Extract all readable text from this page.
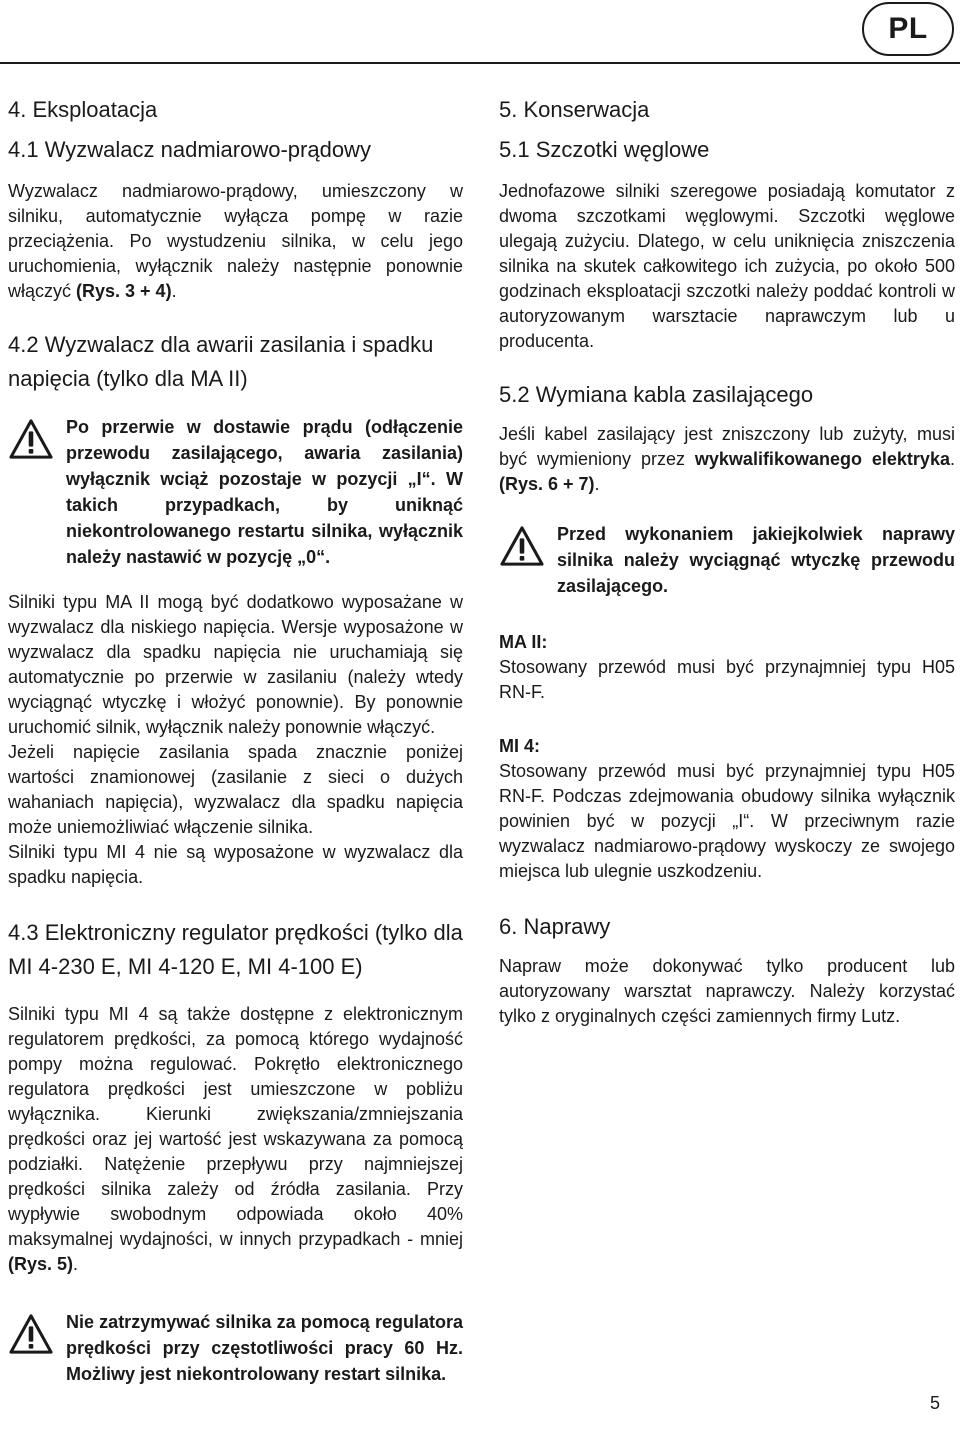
PL
4. Eksploatacja
4.1 Wyzwalacz nadmiarowo-prądowy

Wyzwalacz nadmiarowo-prądowy, umieszczony w silniku, automatycznie wyłącza pompę w razie przeciążenia. Po wystudzeniu silnika, w celu jego uruchomienia, wyłącznik należy następnie ponownie włączyć (Rys. 3 + 4).

4.2 Wyzwalacz dla awarii zasilania i spadku napięcia (tylko dla MA II)
Po przerwie w dostawie prądu (odłączenie przewodu zasilającego, awaria zasilania) wyłącznik wciąż pozostaje w pozycji „I“. W takich przypadkach, by uniknąć niekontrolowanego restartu silnika, wyłącznik należy nastawić w pozycję „0“.

Silniki typu MA II mogą być dodatkowo wyposażane w wyzwalacz dla niskiego napięcia. Wersje wyposażone w wyzwalacz dla spadku napięcia nie uruchamiają się automatycznie po przerwie w zasilaniu (należy wtedy wyciągnąć wtyczkę i włożyć ponownie). By ponownie uruchomić silnik, wyłącznik należy ponownie włączyć.

Jeżeli napięcie zasilania spada znacznie poniżej wartości znamionowej (zasilanie z sieci o dużych wahaniach napięcia), wyzwalacz dla spadku napięcia może uniemożliwiać włączenie silnika.

Silniki typu MI 4 nie są wyposażone w wyzwalacz dla spadku napięcia.

4.3 Elektroniczny regulator prędkości (tylko dla MI 4-230 E, MI 4-120 E, MI 4-100 E)

Silniki typu MI 4 są także dostępne z elektronicznym regulatorem prędkości, za pomocą którego wydajność pompy można regulować. Pokrętło elektronicznego regulatora prędkości jest umieszczone w pobliżu wyłącznika. Kierunki zwiększania/zmniejszania prędkości oraz jej wartość jest wskazywana za pomocą podziałki. Natężenie przepływu przy najmniejszej prędkości silnika zależy od źródła zasilania. Przy wypływie swobodnym odpowiada około 40% maksymalnej wydajności, w innych przypadkach - mniej (Rys. 5).

Nie zatrzymywać silnika za pomocą regulatora prędkości przy częstotliwości pracy 60 Hz. Możliwy jest niekontrolowany restart silnika.
5. Konserwacja
5.1 Szczotki węglowe

Jednofazowe silniki szeregowe posiadają komutator z dwoma szczotkami węglowymi. Szczotki węglowe ulegają zużyciu. Dlatego, w celu uniknięcia zniszczenia silnika na skutek całkowitego ich zużycia, po około 500 godzinach eksploatacji szczotki należy poddać kontroli w autoryzowanym warsztacie naprawczym lub u producenta.

5.2 Wymiana kabla zasilającego

Jeśli kabel zasilający jest zniszczony lub zużyty, musi być wymieniony przez wykwalifikowanego elektryka. (Rys. 6 + 7).

Przed wykonaniem jakiejkolwiek naprawy silnika należy wyciągnąć wtyczkę przewodu zasilającego.
MA II:

Stosowany przewód musi być przynajmniej typu H05 RN-F.

MI 4:

Stosowany przewód musi być przynajmniej typu H05 RN-F. Podczas zdejmowania obudowy silnika wyłącznik powinien być w pozycji „I“. W przeciwnym razie wyzwalacz nadmiarowo-prądowy wyskoczy ze swojego miejsca lub ulegnie uszkodzeniu.

6. Naprawy

Napraw może dokonywać tylko producent lub autoryzowany warsztat naprawczy. Należy korzystać tylko z oryginalnych części zamiennych firmy Lutz.

5
